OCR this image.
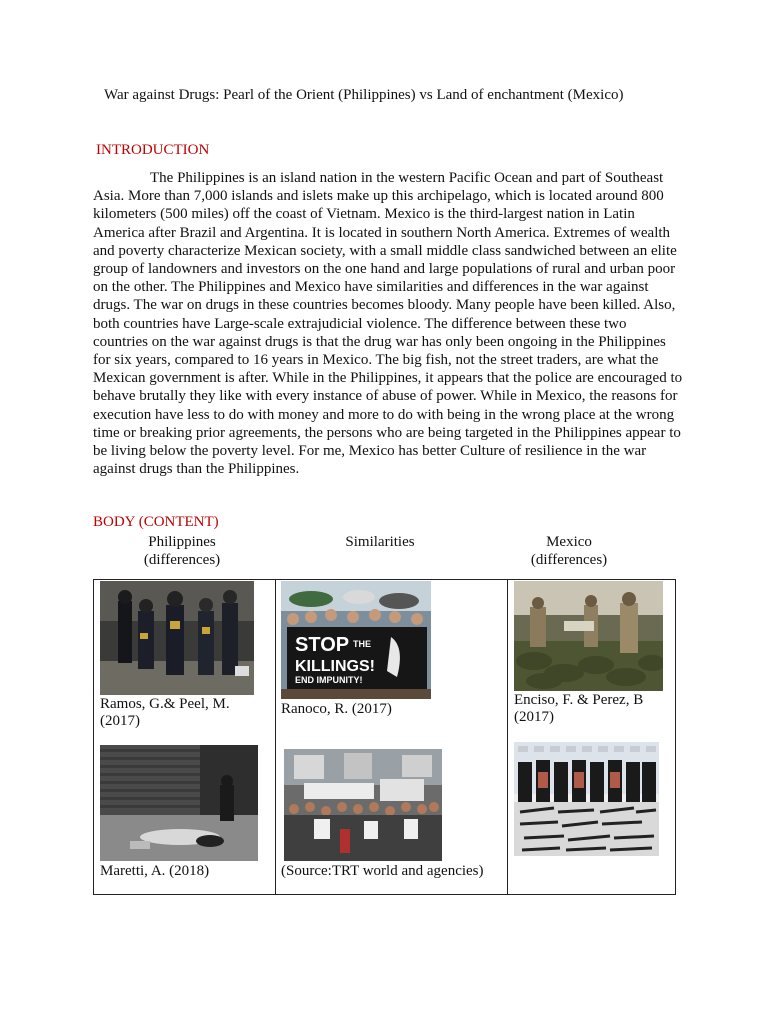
War against Drugs: Pearl of the Orient (Philippines) vs Land of enchantment (Mexico)
INTRODUCTION

The Philippines is an island nation in the western Pacific Ocean and part of Southeast Asia. More than 7,000 islands and islets make up this archipelago, which is located around 800 kilometers (500 miles) off the coast of Vietnam. Mexico is the third-largest nation in Latin America after Brazil and Argentina. It is located in southern North America. Extremes of wealth and poverty characterize Mexican society, with a small middle class sandwiched between an elite group of landowners and investors on the one hand and large populations of rural and urban poor on the other. The Philippines and Mexico have similarities and differences in the war against drugs. The war on drugs in these countries becomes bloody. Many people have been killed. Also, both countries have Large-scale extrajudicial violence. The difference between these two countries on the war against drugs is that the drug war has only been ongoing in the Philippines for six years, compared to 16 years in Mexico. The big fish, not the street traders, are what the Mexican government is after. While in the Philippines, it appears that the police are encouraged to behave brutally they like with every instance of abuse of power. While in Mexico, the reasons for execution have less to do with money and more to do with being in the wrong place at the wrong time or breaking prior agreements, the persons who are being targeted in the Philippines appear to be living below the poverty level. For me, Mexico has better Culture of resilience in the war against drugs than the Philippines.

BODY (CONTENT)
Philippines
(differences)
Similarities	Mexico
(differences)
Ramos, G.& Peel, M. (2017)
Maretti, A. (2018)
STOP THE
KILLINGS!
END IMPUNITY!
Ranoco, R. (2017)
(Source:TRT world and agencies)
Enciso, F. & Perez, B (2017)
